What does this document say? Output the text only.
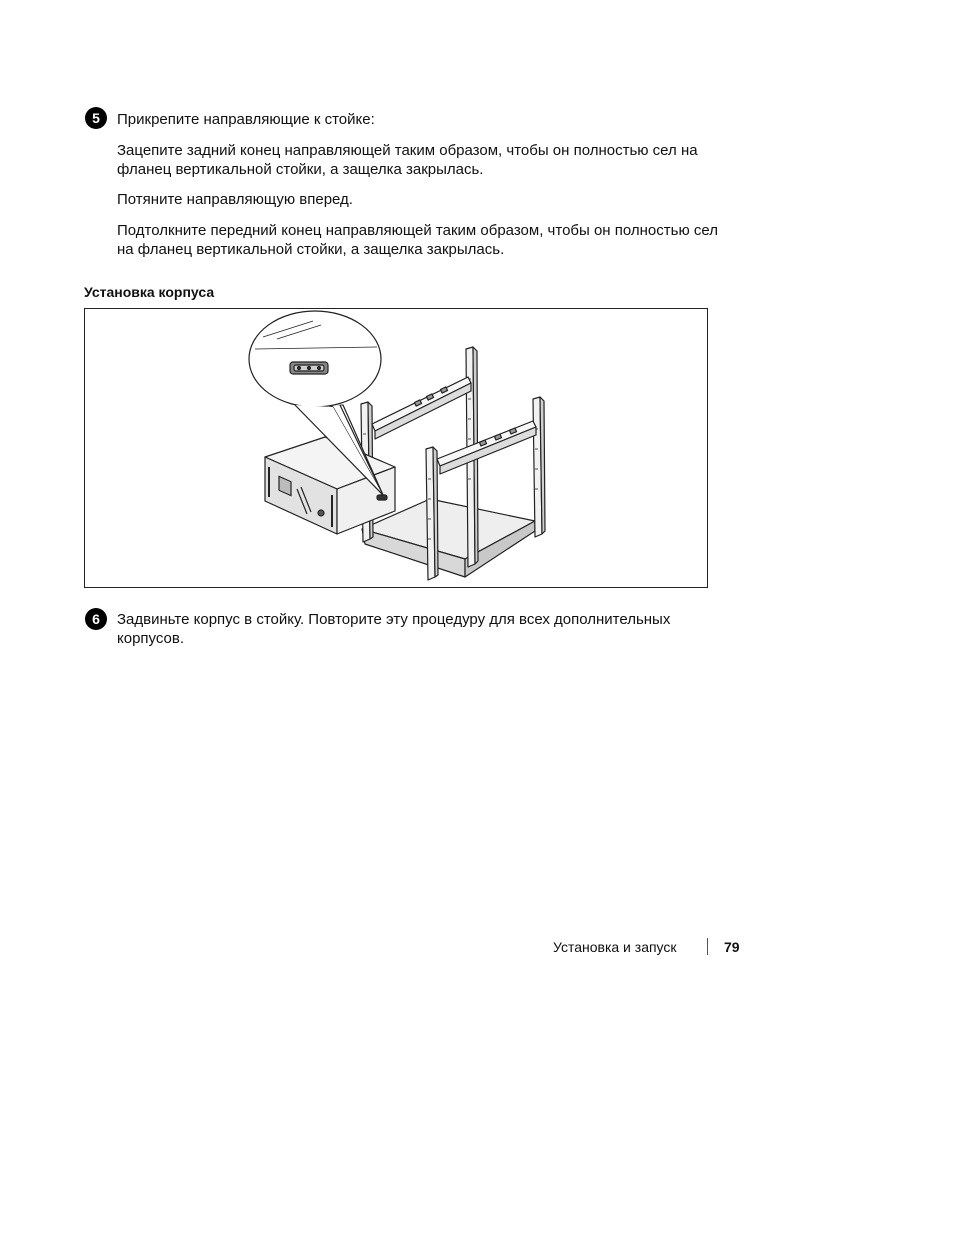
5	Прикрепите направляющие к стойке:

Зацепите задний конец направляющей таким образом, чтобы он полностью сел на фланец вертикальной стойки, а защелка закрылась.

Потяните направляющую вперед.

Подтолкните передний конец направляющей таким образом, чтобы он полностью сел на фланец вертикальной стойки, а защелка закрылась.

Установка корпуса

6	Задвиньте корпус в стойку. Повторите эту процедуру для всех дополнительных корпусов.

Установка и запуск	79
